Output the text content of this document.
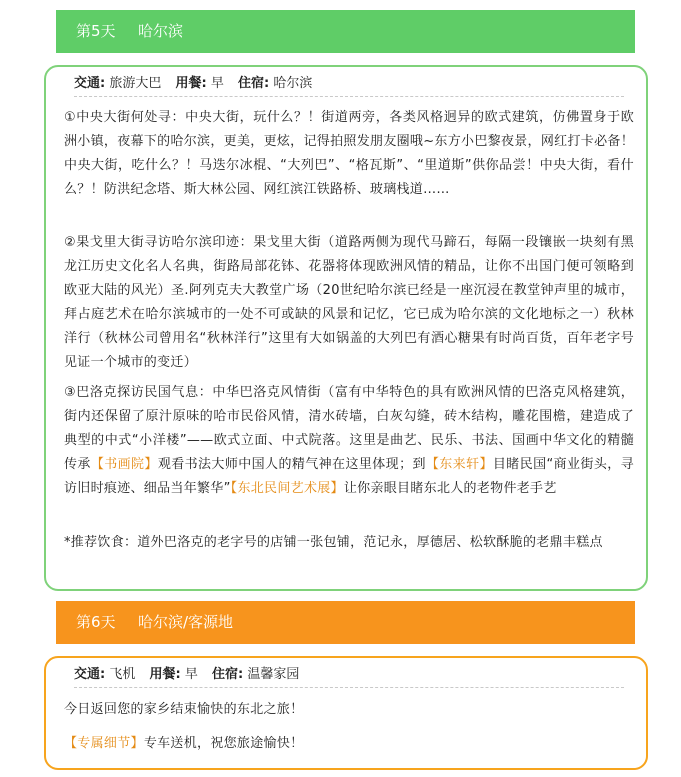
第5天 哈尔滨
交通: 旅游大巴 用餐: 早 住宿: 哈尔滨

①中央大街何处寻：中央大街，玩什么？！街道两旁，各类风格迥异的欧式建筑，仿佛置身于欧洲小镇，夜幕下的哈尔滨，更美，更炫，记得拍照发朋友圈哦~东方小巴黎夜景，网红打卡必备！中央大街，吃什么？！马迭尔冰棍、“大列巴”、“格瓦斯”、“里道斯”供你品尝！中央大街，看什么？！防洪纪念塔、斯大林公园、网红滨江铁路桥、玻璃栈道……

②果戈里大街寻访哈尔滨印迹：果戈里大街（道路两侧为现代马蹄石，每隔一段镶嵌一块刻有黑龙江历史文化名人名典，街路局部花钵、花器将体现欧洲风情的精品，让你不出国门便可领略到欧亚大陆的风光）圣.阿列克夫大教堂广场（20世纪哈尔滨已经是一座沉浸在教堂钟声里的城市，拜占庭艺术在哈尔滨城市的一处不可或缺的风景和记忆，它已成为哈尔滨的文化地标之一）秋林洋行（秋林公司曾用名“秋林洋行”这里有大如锅盖的大列巴有酒心糖果有时尚百货，百年老字号见证一个城市的变迁）

③巴洛克探访民国气息：中华巴洛克风情街（富有中华特色的具有欧洲风情的巴洛克风格建筑，街内还保留了原汁原味的哈市民俗风情，清水砖墙，白灰勾缝，砖木结构，雕花围檐，建造成了典型的中式“小洋楼”——欧式立面、中式院落。这里是曲艺、民乐、书法、国画中华文化的精髓传承【书画院】观看书法大师中国人的精气神在这里体现；到【东来轩】目睹民国“商业街头，寻访旧时痕迹、细品当年繁华”【东北民间艺术展】让你亲眼目睹东北人的老物件老手艺

*推荐饮食：道外巴洛克的老字号的店铺一张包铺，范记永，厚德居、松软酥脆的老鼎丰糕点

第6天 哈尔滨/客源地
交通: 飞机 用餐: 早 住宿: 温馨家园

今日返回您的家乡结束愉快的东北之旅！

【专属细节】专车送机，祝您旅途愉快！
